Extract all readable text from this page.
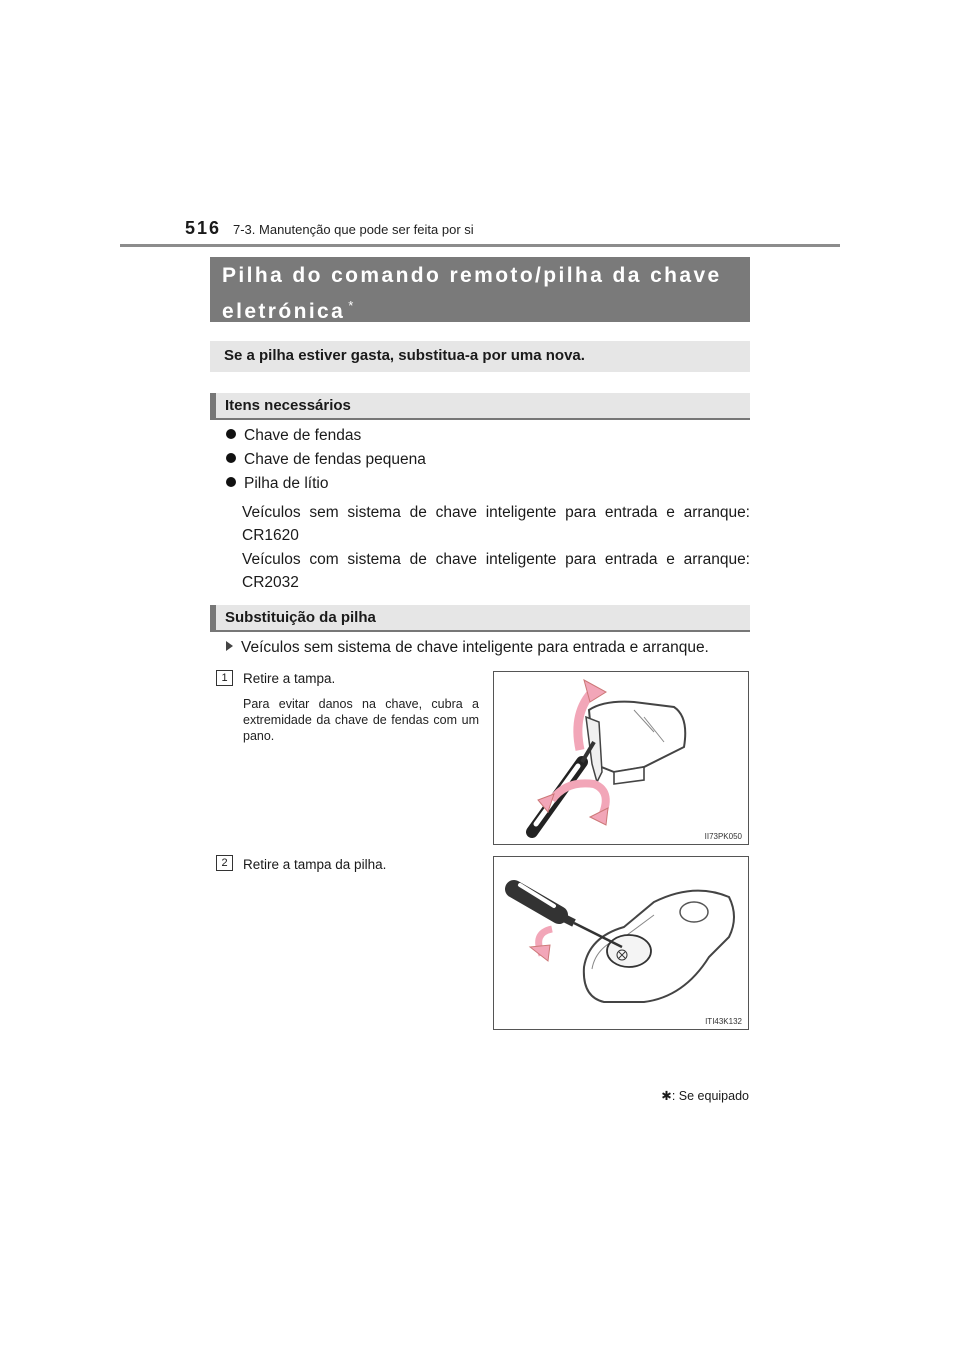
516 7-3. Manutenção que pode ser feita por si
Pilha do comando remoto/pilha da chave eletrónica *
Se a pilha estiver gasta, substitua-a por uma nova.
Itens necessários
Chave de fendas
Chave de fendas pequena
Pilha de lítio
Veículos sem sistema de chave inteligente para entrada e arranque: CR1620
Veículos com sistema de chave inteligente para entrada e arranque: CR2032
Substituição da pilha
Veículos sem sistema de chave inteligente para entrada e arranque.
1	Retire a tampa.
Para evitar danos na chave, cubra a extremidade da chave de fendas com um pano.
II73PK050
2	Retire a tampa da pilha.
ITI43K132
✱: Se equipado
